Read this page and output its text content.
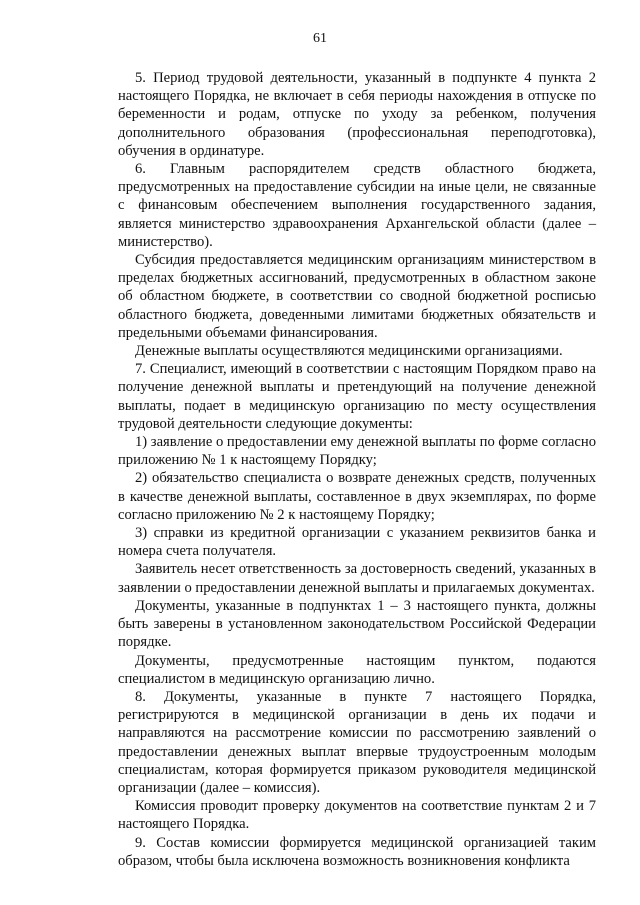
61

5. Период трудовой деятельности, указанный в подпункте 4 пункта 2 настоящего Порядка, не включает в себя периоды нахождения в отпуске по беременности и родам, отпуске по уходу за ребенком, получения дополнительного образования (профессиональная переподготовка), обучения в ординатуре.

6. Главным распорядителем средств областного бюджета, предусмотренных на предоставление субсидии на иные цели, не связанные с финансовым обеспечением выполнения государственного задания, является министерство здравоохранения Архангельской области (далее – министерство).

Субсидия предоставляется медицинским организациям министерством в пределах бюджетных ассигнований, предусмотренных в областном законе об областном бюджете, в соответствии со сводной бюджетной росписью областного бюджета, доведенными лимитами бюджетных обязательств и предельными объемами финансирования.

Денежные выплаты осуществляются медицинскими организациями.

7. Специалист, имеющий в соответствии с настоящим Порядком право на получение денежной выплаты и претендующий на получение денежной выплаты, подает в медицинскую организацию по месту осуществления трудовой деятельности следующие документы:

1) заявление о предоставлении ему денежной выплаты по форме согласно приложению № 1 к настоящему Порядку;

2) обязательство специалиста о возврате денежных средств, полученных в качестве денежной выплаты, составленное в двух экземплярах, по форме согласно приложению № 2 к настоящему Порядку;

3) справки из кредитной организации с указанием реквизитов банка и номера счета получателя.

Заявитель несет ответственность за достоверность сведений, указанных в заявлении о предоставлении денежной выплаты и прилагаемых документах.

Документы, указанные в подпунктах 1 – 3 настоящего пункта, должны быть заверены в установленном законодательством Российской Федерации порядке.

Документы, предусмотренные настоящим пунктом, подаются специалистом в медицинскую организацию лично.

8. Документы, указанные в пункте 7 настоящего Порядка, регистрируются в медицинской организации в день их подачи и направляются на рассмотрение комиссии по рассмотрению заявлений о предоставлении денежных выплат впервые трудоустроенным молодым специалистам, которая формируется приказом руководителя медицинской организации (далее – комиссия).

Комиссия проводит проверку документов на соответствие пунктам 2 и 7 настоящего Порядка.

9. Состав комиссии формируется медицинской организацией таким образом, чтобы была исключена возможность возникновения конфликта
